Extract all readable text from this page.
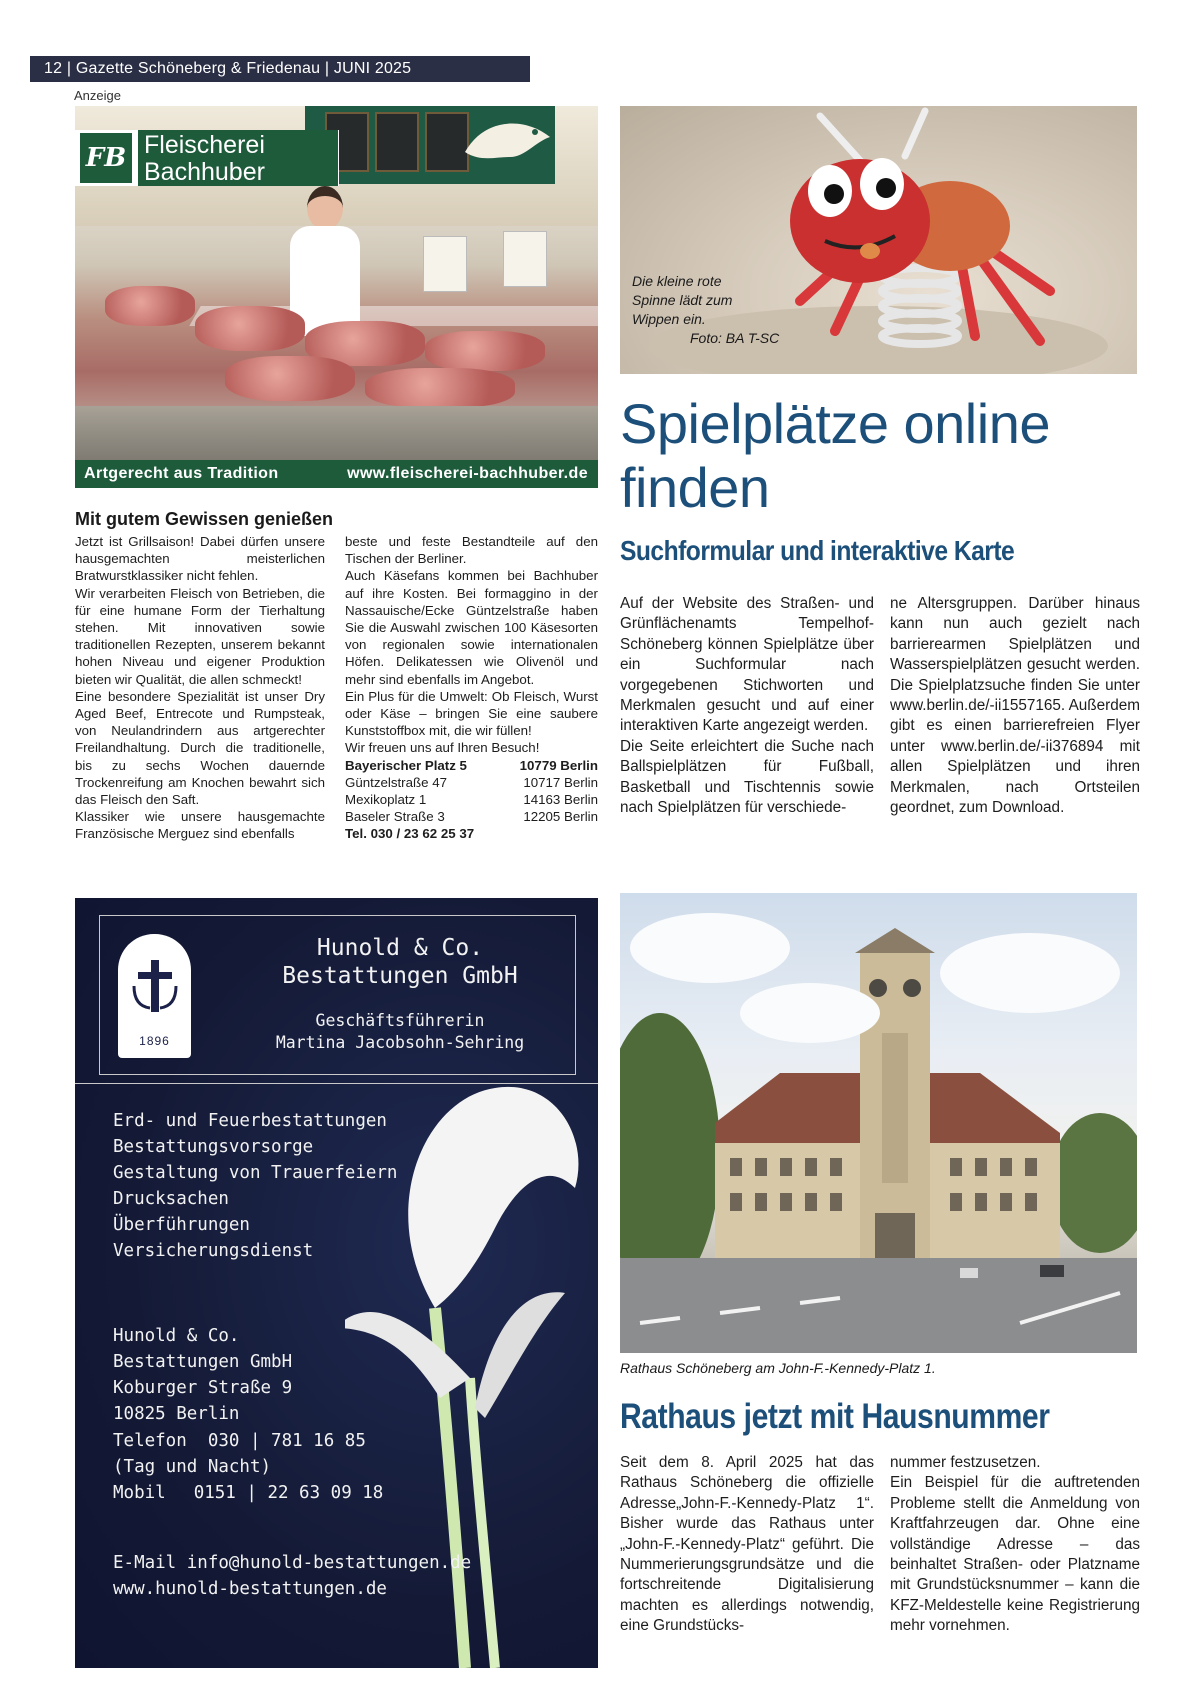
12 | Gazette Schöneberg & Friedenau | JUNI 2025
Anzeige
FB Fleischerei
Bachhuber
Artgerecht aus Tradition	www.fleischerei-bachhuber.de
Mit gutem Gewissen genießen

Jetzt ist Grillsaison! Dabei dürfen unsere hausgemachten meisterlichen Bratwurstklassiker nicht fehlen.

Wir verarbeiten Fleisch von Betrieben, die für eine humane Form der Tierhaltung stehen. Mit innovativen sowie traditionellen Rezepten, unserem bekannt hohen Niveau und eigener Produktion bieten wir Qualität, die allen schmeckt!

Eine besondere Spezialität ist unser Dry Aged Beef, Entrecote und Rumpsteak, von Neulandrindern aus artgerechter Freilandhaltung. Durch die traditionelle, bis zu sechs Wochen dauernde Trockenreifung am Knochen bewahrt sich das Fleisch den Saft.

Klassiker wie unsere hausgemachte Französische Merguez sind ebenfalls

beste und feste Bestandteile auf den Tischen der Berliner.

Auch Käsefans kommen bei Bachhuber auf ihre Kosten. Bei formaggino in der Nassauische/Ecke Güntzelstraße haben Sie die Auswahl zwischen 100 Käsesorten von regionalen sowie internationalen Höfen. Delikatessen wie Olivenöl und mehr sind ebenfalls im Angebot.

Ein Plus für die Umwelt: Ob Fleisch, Wurst oder Käse – bringen Sie eine saubere Kunststoffbox mit, die wir füllen!

Wir freuen uns auf Ihren Besuch!

Bayerischer Platz 5	10779 Berlin
Güntzelstraße 47	10717 Berlin
Mexikoplatz 1	14163 Berlin
Baseler Straße 3	12205 Berlin
Tel. 030 / 23 62 25 37
Die kleine rote
Spinne lädt zum
Wippen ein.
Foto: BA T-SC
Spielplätze online
finden
Suchformular und interaktive Karte

Auf der Website des Straßen- und Grünflächenamts Tempelhof-Schöneberg können Spielplätze über ein Suchformular nach vorgegebenen Stichworten und Merkmalen gesucht und auf einer interaktiven Karte angezeigt werden.

Die Seite erleichtert die Suche nach Ballspielplätzen für Fußball, Basketball und Tischtennis sowie nach Spielplätzen für verschiede-

ne Altersgruppen. Darüber hinaus kann nun auch gezielt nach barrierearmen Spielplätzen und Wasserspielplätzen gesucht werden. Die Spielplatzsuche finden Sie unter www.berlin.de/-ii1557165. Außerdem gibt es einen barrierefreien Flyer unter www.berlin.de/-ii376894 mit allen Spielplätzen und ihren Merkmalen, nach Ortsteilen geordnet, zum Download.

1896
Hunold & Co.
Bestattungen GmbH
Geschäftsführerin
Martina Jacobsohn-Sehring
Erd- und Feuerbestattungen
Bestattungsvorsorge
Gestaltung von Trauerfeiern
Drucksachen
Überführungen
Versicherungsdienst
Hunold & Co.
Bestattungen GmbH
Koburger Straße 9
10825 Berlin
Telefon  030 | 781 16 85
(Tag und Nacht)
Mobil 0151 | 22 63 09 18
E-Mail info@hunold-bestattungen.de
www.hunold-bestattungen.de
Rathaus Schöneberg am John-F.-Kennedy-Platz 1.
Rathaus jetzt mit Hausnummer

Seit dem 8. April 2025 hat das Rathaus Schöneberg die offizielle Adresse„John-F.-Kennedy-Platz 1“. Bisher wurde das Rathaus unter „John-F.-Kennedy-Platz“ geführt. Die Nummerierungsgrundsätze und die fortschreitende Digitalisierung machten es allerdings notwendig, eine Grundstücks-

nummer festzusetzen.

Ein Beispiel für die auftretenden Probleme stellt die Anmeldung von Kraftfahrzeugen dar. Ohne eine vollständige Adresse – das beinhaltet Straßen- oder Platzname mit Grundstücksnummer – kann die KFZ-Meldestelle keine Registrierung mehr vornehmen.
